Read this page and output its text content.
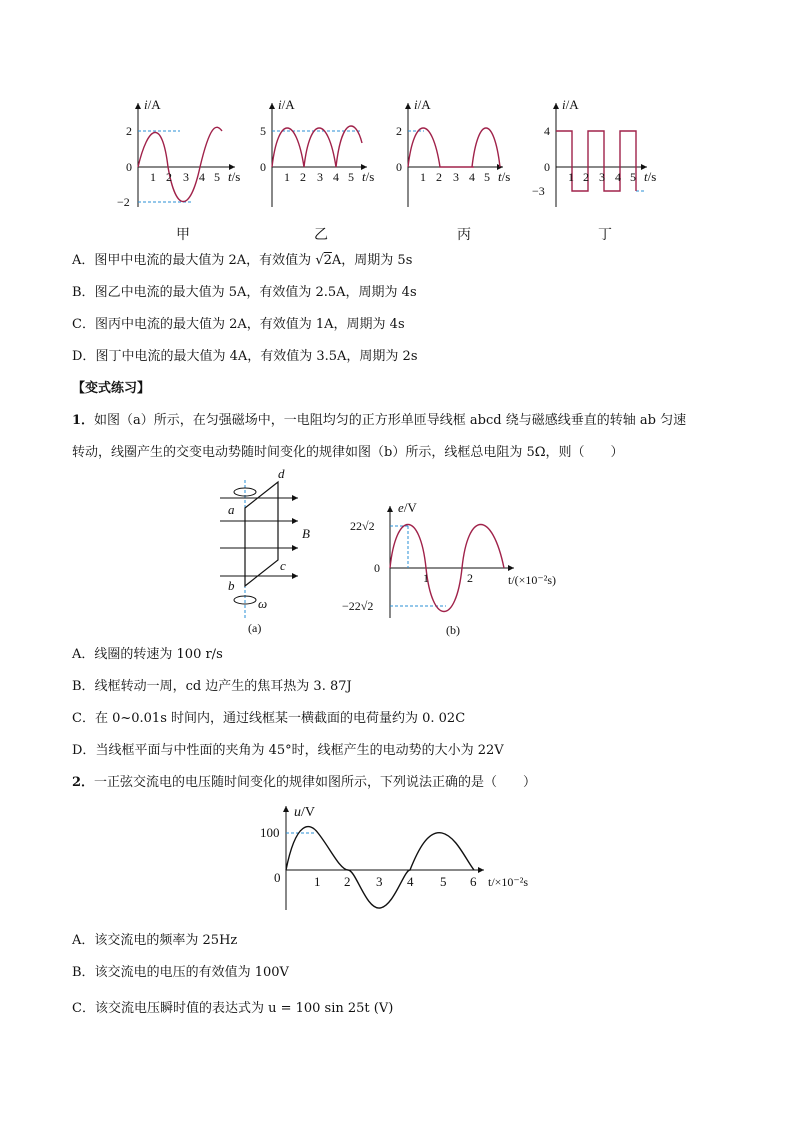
i/A
2
0
−2
1 2 3 4 5 t/s
i/A
5
0
1 2 3 4 5 t/s
i/A
2
0
1 2 3 4 5 t/s
i/A
4
0
−3
1 2 3 4 5 t/s
甲	乙	丙	丁
A．图甲中电流的最大值为 2A，有效值为 √2A，周期为 5s
B．图乙中电流的最大值为 5A，有效值为 2.5A，周期为 4s
C．图丙中电流的最大值为 2A，有效值为 1A，周期为 4s
D．图丁中电流的最大值为 4A，有效值为 3.5A，周期为 2s
【变式练习】
1．如图（a）所示，在匀强磁场中，一电阻均匀的正方形单匝导线框 abcd 绕与磁感线垂直的转轴 ab 匀速
转动，线圈产生的交变电动势随时间变化的规律如图（b）所示，线框总电阻为 5Ω，则（　　）
d
a
B
c
b
ω
(a)
e/V
22√2
0
−22√2
1	2	t/(×10⁻²s)
(b)
A．线圈的转速为 100 r/s
B．线框转动一周，cd 边产生的焦耳热为 3. 87J
C．在 0~0.01s 时间内，通过线框某一横截面的电荷量约为 0. 02C
D．当线框平面与中性面的夹角为 45°时，线框产生的电动势的大小为 22V
2．一正弦交流电的电压随时间变化的规律如图所示，下列说法正确的是（　　）
u/V
100
0	1 2 3 4 5 6 t/×10⁻²s
A．该交流电的频率为 25Hz
B．该交流电的电压的有效值为 100V
C．该交流电压瞬时值的表达式为 u = 100 sin 25t (V)
